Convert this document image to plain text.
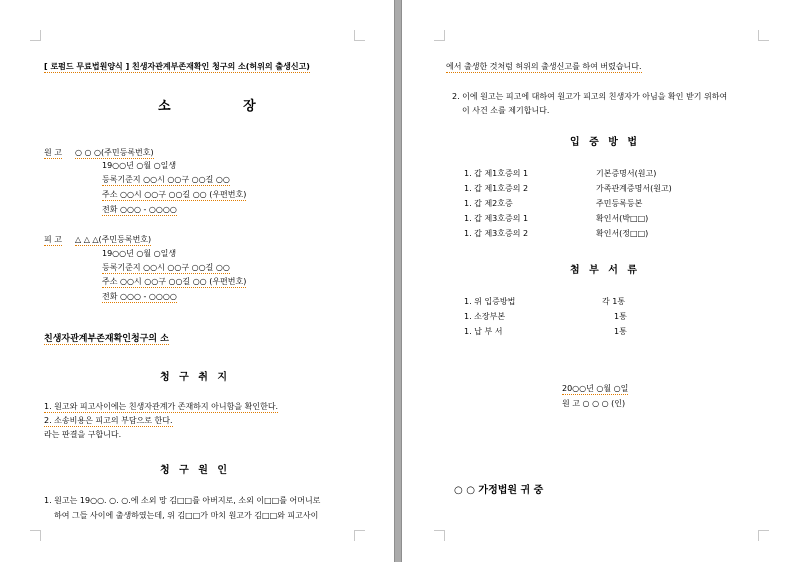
[ 로펌드 무료법원양식 ] 친생자관계부존재확인 청구의 소(허위의 출생신고)
소 장
원 고 ○ ○ ○(주민등록번호)
19○○년 ○월 ○일생
등록기준지 ○○시 ○○구 ○○길 ○○
주소 ○○시 ○○구 ○○길 ○○ (우편번호)
전화 ○○○ - ○○○○
피 고 △ △ △(주민등록번호)
19○○년 ○월 ○일생
등록기준지 ○○시 ○○구 ○○길 ○○
주소 ○○시 ○○구 ○○길 ○○ (우편번호)
전화 ○○○ - ○○○○
친생자관계부존재확인청구의 소
청 구 취 지
1. 원고와 피고사이에는 친생자관계가 존재하지 아니함을 확인한다.
2. 소송비용은 피고의 부담으로 한다.
라는 판결을 구합니다.
청 구 원 인
1. 원고는 19○○. ○. ○.에 소외 망 김□□를 아버지로, 소외 이□□를 어머니로
하여 그들 사이에 출생하였는데, 위 김□□가 마치 원고가 김□□와 피고사이
에서 출생한 것처럼 허위의 출생신고를 하여 버렸습니다.
2. 이에 원고는 피고에 대하여 원고가 피고의 친생자가 아님을 확인 받기 위하여
이 사건 소를 제기합니다.
입 증 방 법
1. 갑 제1호증의 1	기본증명서(원고)
1. 갑 제1호증의 2	가족관계증명서(원고)
1. 갑 제2호증	주민등록등본
1. 갑 제3호증의 1	확인서(박□□)
1. 갑 제3호증의 2	확인서(정□□)
첨 부 서 류
1. 위 입증방법	각 1통
1. 소장부본	1통
1. 납 부 서	1통
20○○년 ○월 ○일
원 고 ○ ○ ○ (인)
○ ○ 가정법원 귀 중
